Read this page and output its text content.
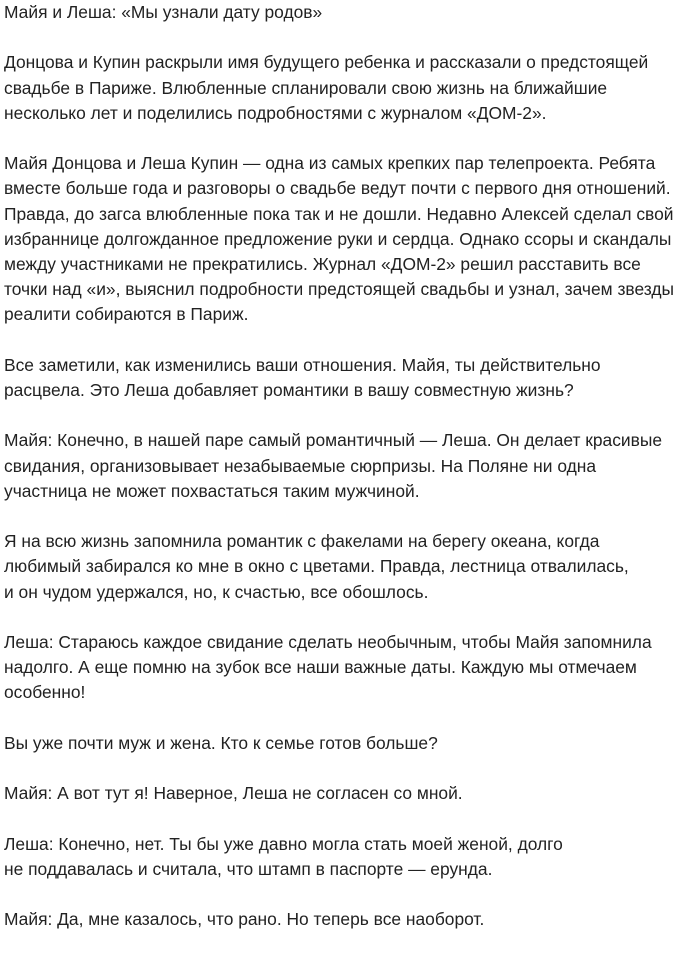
Майя и Леша: «Мы узнали дату родов»

Донцова и Купин раскрыли имя будущего ребенка и рассказали о предстоящей
свадьбе в Париже. Влюбленные спланировали свою жизнь на ближайшие
несколько лет и поделились подробностями с журналом «ДОМ-2».

Майя Донцова и Леша Купин — одна из самых крепких пар телепроекта. Ребята
вместе больше года и разговоры о свадьбе ведут почти с первого дня отношений.
Правда, до загса влюбленные пока так и не дошли. Недавно Алексей сделал свой
избраннице долгожданное предложение руки и сердца. Однако ссоры и скандалы
между участниками не прекратились. Журнал «ДОМ-2» решил расставить все
точки над «и», выяснил подробности предстоящей свадьбы и узнал, зачем звезды
реалити собираются в Париж.

Все заметили, как изменились ваши отношения. Майя, ты действительно
расцвела. Это Леша добавляет романтики в вашу совместную жизнь?

Майя: Конечно, в нашей паре самый романтичный — Леша. Он делает красивые
свидания, организовывает незабываемые сюрпризы. На Поляне ни одна
участница не может похвастаться таким мужчиной.

Я на всю жизнь запомнила романтик с факелами на берегу океана, когда
любимый забирался ко мне в окно с цветами. Правда, лестница отвалилась,
и он чудом удержался, но, к счастью, все обошлось.

Леша: Стараюсь каждое свидание сделать необычным, чтобы Майя запомнила
надолго. А еще помню на зубок все наши важные даты. Каждую мы отмечаем
особенно!

Вы уже почти муж и жена. Кто к семье готов больше?

Майя: А вот тут я! Наверное, Леша не согласен со мной.

Леша: Конечно, нет. Ты бы уже давно могла стать моей женой, долго
не поддавалась и считала, что штамп в паспорте — ерунда.

Майя: Да, мне казалось, что рано. Но теперь все наоборот.
